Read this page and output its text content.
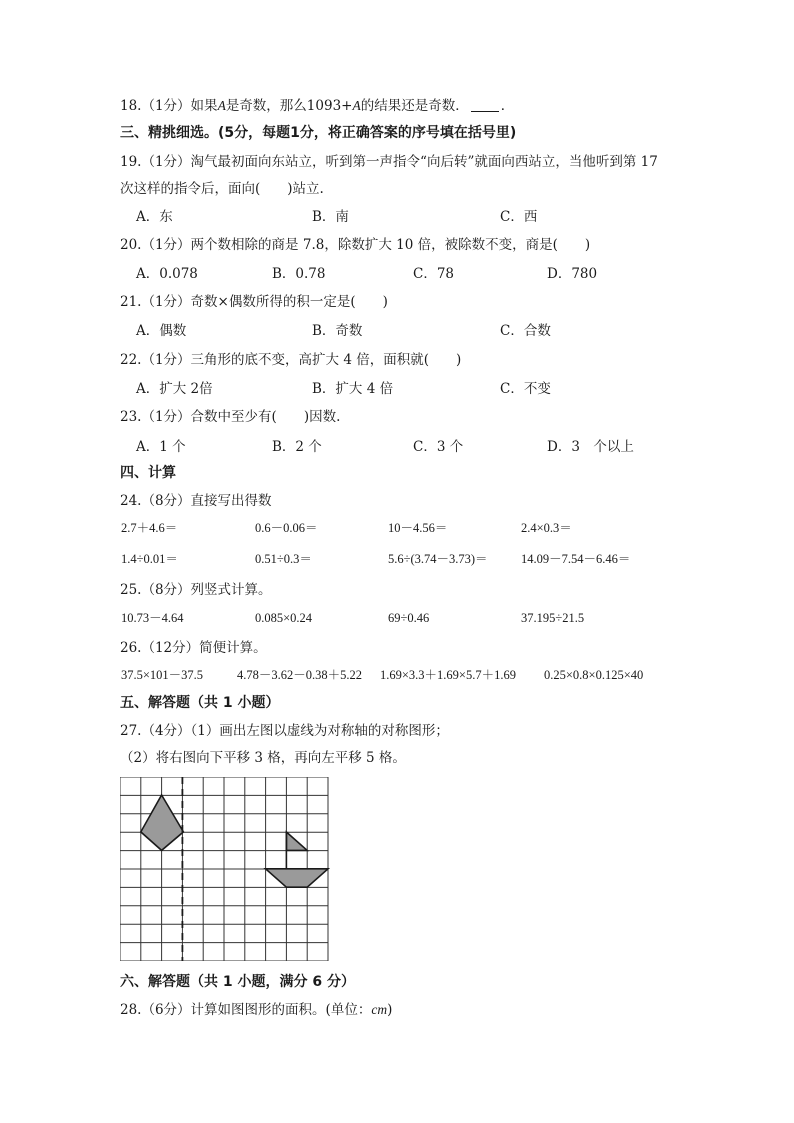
18.（1分）如果A是奇数，那么1093+A的结果还是奇数． ．
三、精挑细选。(5分，每题1分，将正确答案的序号填在括号里)
19.（1分）淘气最初面向东站立，听到第一声指令“向后转”就面向西站立，当他听到第 17
次这样的指令后，面向(　　)站立.
A．东	B．南	C．西
20.（1分）两个数相除的商是 7.8，除数扩大 10 倍，被除数不变，商是(　　)
A．0.078	B．0.78	C．78	D．780
21.（1分）奇数×偶数所得的积一定是(　　)
A．偶数	B．奇数	C．合数
22.（1分）三角形的底不变，高扩大 4 倍，面积就(　　)
A．扩大 2倍	B．扩大 4 倍	C．不变
23.（1分）合数中至少有(　　)因数.
A．1 个	B．2 个	C．3 个	D．3　个以上
四、计算
24.（8分）直接写出得数
2.7＋4.6＝	0.6－0.06＝	10－4.56＝	2.4×0.3＝
1.4÷0.01＝	0.51÷0.3＝	5.6÷(3.74－3.73)＝	14.09－7.54－6.46＝
25.（8分）列竖式计算。
10.73－4.64	0.085×0.24	69÷0.46	37.195÷21.5
26.（12分）简便计算。
37.5×101－37.5	4.78－3.62－0.38＋5.22 1.69×3.3＋1.69×5.7＋1.69 0.25×0.8×0.125×40
五、解答题（共 1 小题）
27.（4分）（1）画出左图以虚线为对称轴的对称图形；
（2）将右图向下平移 3 格，再向左平移 5 格。
六、解答题（共 1 小题，满分 6 分）
28.（6分）计算如图图形的面积。(单位：cm)
